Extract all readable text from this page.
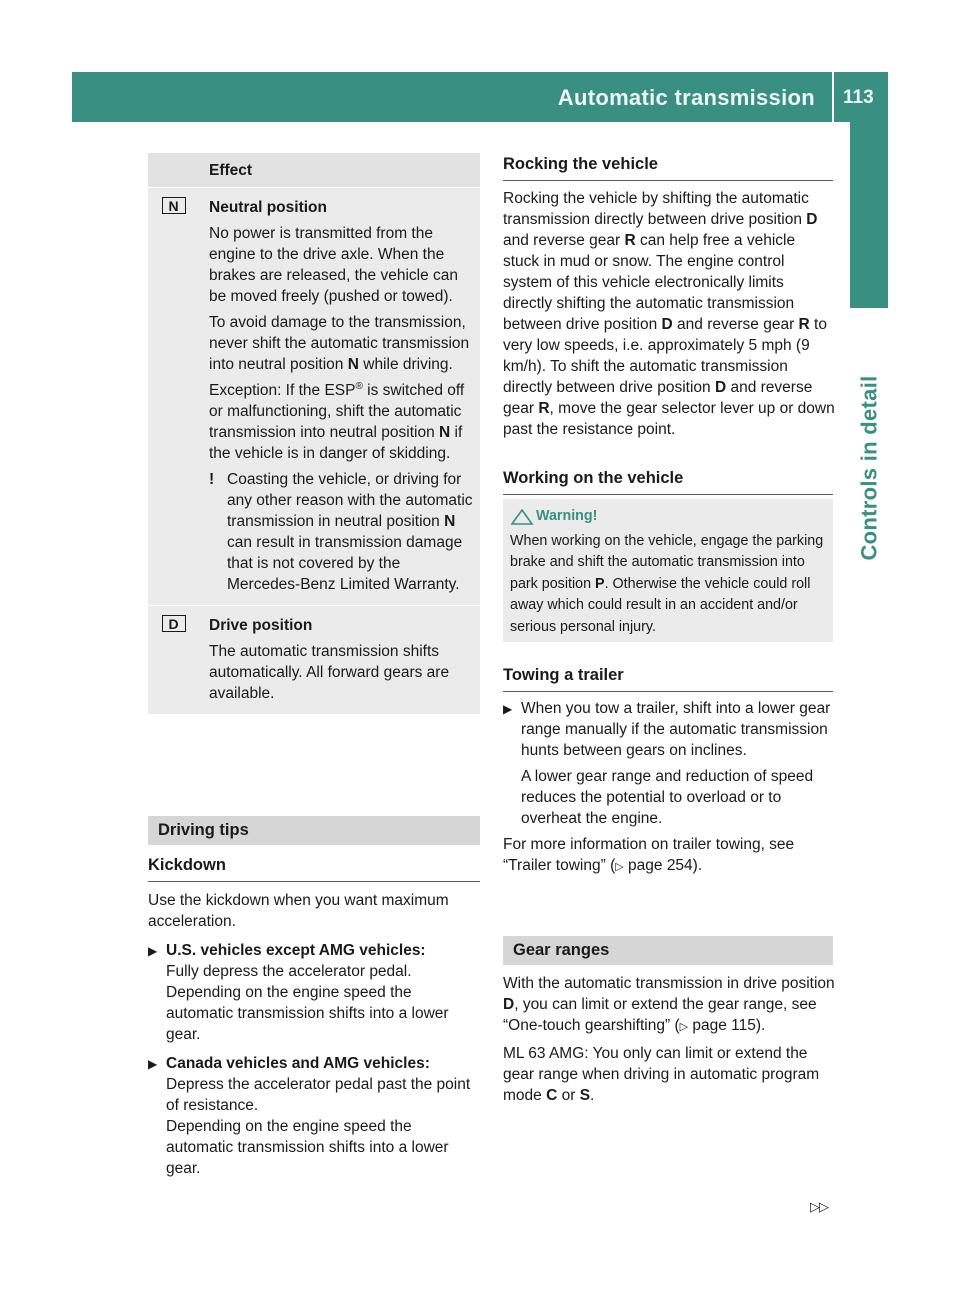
Automatic transmission 113
Controls in detail
Effect
N	Neutral position

No power is transmitted from the engine to the drive axle. When the brakes are released, the vehicle can be moved freely (pushed or towed).

To avoid damage to the transmission, never shift the automatic transmission into neutral position N while driving.

Exception: If the ESP® is switched off or malfunctioning, shift the automatic transmission into neutral position N if the vehicle is in danger of skidding.

! Coasting the vehicle, or driving for any other reason with the automatic transmission in neutral position N can result in transmission damage that is not covered by the Mercedes-Benz Limited Warranty.
D	Drive position

The automatic transmission shifts automatically. All forward gears are available.

Driving tips
Kickdown

Use the kickdown when you want maximum acceleration.

▶ U.S. vehicles except AMG vehicles:
Fully depress the accelerator pedal. Depending on the engine speed the automatic transmission shifts into a lower gear.
▶ Canada vehicles and AMG vehicles:
Depress the accelerator pedal past the point of resistance.
Depending on the engine speed the automatic transmission shifts into a lower gear.
Rocking the vehicle

Rocking the vehicle by shifting the automatic transmission directly between drive position D and reverse gear R can help free a vehicle stuck in mud or snow. The engine control system of this vehicle electronically limits directly shifting the automatic transmission between drive position D and reverse gear R to very low speeds, i.e. approximately 5 mph (9 km/h). To shift the automatic transmission directly between drive position D and reverse gear R, move the gear selector lever up or down past the resistance point.

Working on the vehicle
Warning!
When working on the vehicle, engage the parking brake and shift the automatic transmission into park position P. Otherwise the vehicle could roll away which could result in an accident and/or serious personal injury.
Towing a trailer
▶ When you tow a trailer, shift into a lower gear range manually if the automatic transmission hunts between gears on inclines.
A lower gear range and reduction of speed reduces the potential to overload or to overheat the engine.

For more information on trailer towing, see “Trailer towing” (▷ page 254).

Gear ranges

With the automatic transmission in drive position D, you can limit or extend the gear range, see “One-touch gearshifting” (▷ page 115).

ML 63 AMG: You only can limit or extend the gear range when driving in automatic program mode C or S.

▷▷
